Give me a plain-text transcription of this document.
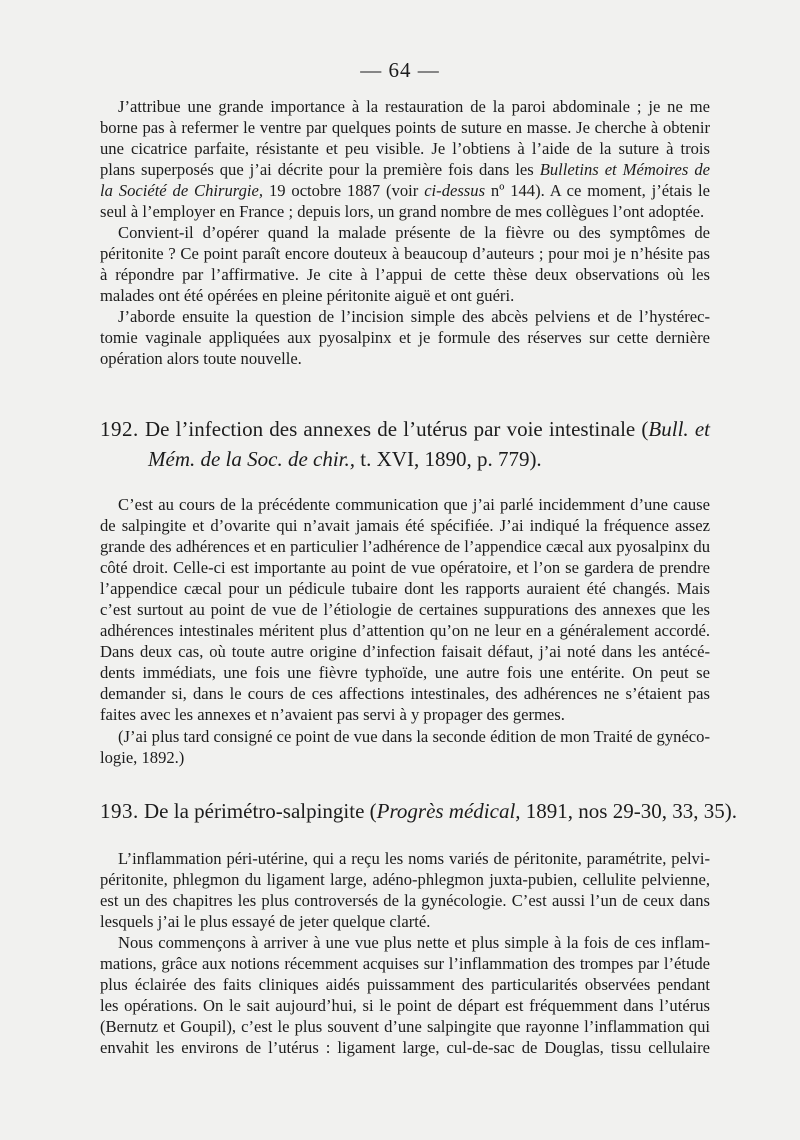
— 64 —
J’attribue une grande importance à la restauration de la paroi abdominale ; je ne me
borne pas à refermer le ventre par quelques points de suture en masse. Je cherche à obtenir
une cicatrice parfaite, résistante et peu visible. Je l’obtiens à l’aide de la suture à trois
plans superposés que j’ai décrite pour la première fois dans les Bulletins et Mémoires de
la Société de Chirurgie, 19 octobre 1887 (voir ci-dessus nº 144). A ce moment, j’étais le
seul à l’employer en France ; depuis lors, un grand nombre de mes collègues l’ont adoptée.
Convient-il d’opérer quand la malade présente de la fièvre ou des symptômes de
péritonite ? Ce point paraît encore douteux à beaucoup d’auteurs ; pour moi je n’hésite pas
à répondre par l’affirmative. Je cite à l’appui de cette thèse deux observations où les
malades ont été opérées en pleine péritonite aiguë et ont guéri.
J’aborde ensuite la question de l’incision simple des abcès pelviens et de l’hystérec-
tomie vaginale appliquées aux pyosalpinx et je formule des réserves sur cette dernière
opération alors toute nouvelle.
192. De l’infection des annexes de l’utérus par voie intestinale (Bull. et
Mém. de la Soc. de chir., t. XVI, 1890, p. 779).
C’est au cours de la précédente communication que j’ai parlé incidemment d’une cause
de salpingite et d’ovarite qui n’avait jamais été spécifiée. J’ai indiqué la fréquence assez
grande des adhérences et en particulier l’adhérence de l’appendice cæcal aux pyosalpinx du
côté droit. Celle-ci est importante au point de vue opératoire, et l’on se gardera de prendre
l’appendice cæcal pour un pédicule tubaire dont les rapports auraient été changés. Mais
c’est surtout au point de vue de l’étiologie de certaines suppurations des annexes que les
adhérences intestinales méritent plus d’attention qu’on ne leur en a généralement accordé.
Dans deux cas, où toute autre origine d’infection faisait défaut, j’ai noté dans les antécé-
dents immédiats, une fois une fièvre typhoïde, une autre fois une entérite. On peut se
demander si, dans le cours de ces affections intestinales, des adhérences ne s’étaient pas
faites avec les annexes et n’avaient pas servi à y propager des germes.
(J’ai plus tard consigné ce point de vue dans la seconde édition de mon Traité de gynéco-
logie, 1892.)
193. De la périmétro-salpingite (Progrès médical, 1891, nos 29-30, 33, 35).
L’inflammation péri-utérine, qui a reçu les noms variés de péritonite, paramétrite, pelvi-
péritonite, phlegmon du ligament large, adéno-phlegmon juxta-pubien, cellulite pelvienne,
est un des chapitres les plus controversés de la gynécologie. C’est aussi l’un de ceux dans
lesquels j’ai le plus essayé de jeter quelque clarté.
Nous commençons à arriver à une vue plus nette et plus simple à la fois de ces inflam-
mations, grâce aux notions récemment acquises sur l’inflammation des trompes par l’étude
plus éclairée des faits cliniques aidés puissamment des particularités observées pendant
les opérations. On le sait aujourd’hui, si le point de départ est fréquemment dans l’utérus
(Bernutz et Goupil), c’est le plus souvent d’une salpingite que rayonne l’inflammation qui
envahit les environs de l’utérus : ligament large, cul-de-sac de Douglas, tissu cellulaire
